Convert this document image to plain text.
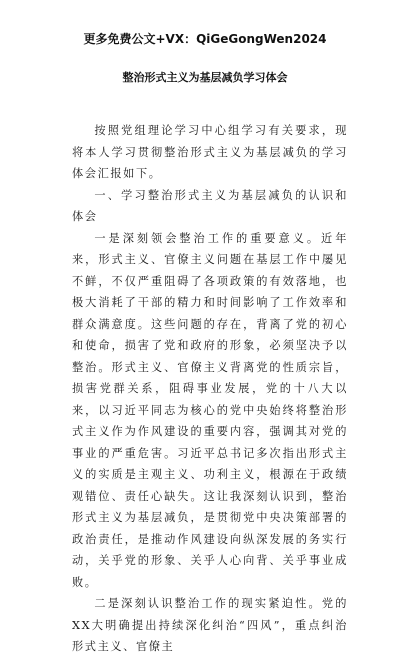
更多免费公文+VX：QiGeGongWen2024
整治形式主义为基层减负学习体会

按照党组理论学习中心组学习有关要求，现将本人学习贯彻整治形式主义为基层减负的学习体会汇报如下。

一、学习整治形式主义为基层减负的认识和体会

一是深刻领会整治工作的重要意义。近年来，形式主义、官僚主义问题在基层工作中屡见不鲜，不仅严重阻碍了各项政策的有效落地，也极大消耗了干部的精力和时间影响了工作效率和群众满意度。这些问题的存在，背离了党的初心和使命，损害了党和政府的形象，必须坚决予以整治。形式主义、官僚主义背离党的性质宗旨，损害党群关系，阻碍事业发展，党的十八大以来，以习近平同志为核心的党中央始终将整治形式主义作为作风建设的重要内容，强调其对党的事业的严重危害。习近平总书记多次指出形式主义的实质是主观主义、功利主义，根源在于政绩观错位、责任心缺失。这让我深刻认识到，整治形式主义为基层减负，是贯彻党中央决策部署的政治责任，是推动作风建设向纵深发展的务实行动，关乎党的形象、关乎人心向背、关乎事业成败。

二是深刻认识整治工作的现实紧迫性。党的XX大明确提出持续深化纠治“四风”，重点纠治形式主义、官僚主
